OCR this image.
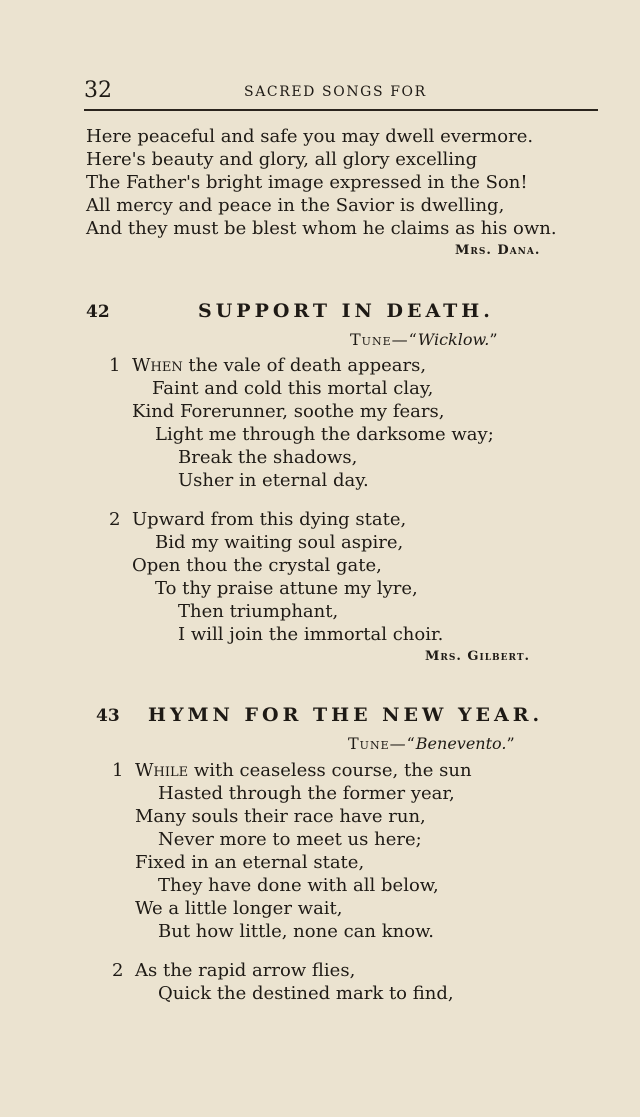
32	SACRED SONGS FOR
Here peaceful and safe you may dwell evermore.
Here's beauty and glory, all glory excelling
The Father's bright image expressed in the Son!
All mercy and peace in the Savior is dwelling,
And they must be blest whom he claims as his own.
Mrs. Dana.
42	SUPPORT IN DEATH.
Tune—“Wicklow.”
1 When the vale of death appears,
Faint and cold this mortal clay,
Kind Forerunner, soothe my fears,
Light me through the darksome way;
Break the shadows,
Usher in eternal day.
2 Upward from this dying state,
Bid my waiting soul aspire,
Open thou the crystal gate,
To thy praise attune my lyre,
Then triumphant,
I will join the immortal choir.
Mrs. Gilbert.
43 HYMN FOR THE NEW YEAR.
Tune—“Benevento.”
1 While with ceaseless course, the sun
Hasted through the former year,
Many souls their race have run,
Never more to meet us here;
Fixed in an eternal state,
They have done with all below,
We a little longer wait,
But how little, none can know.
2 As the rapid arrow flies,
Quick the destined mark to find,
